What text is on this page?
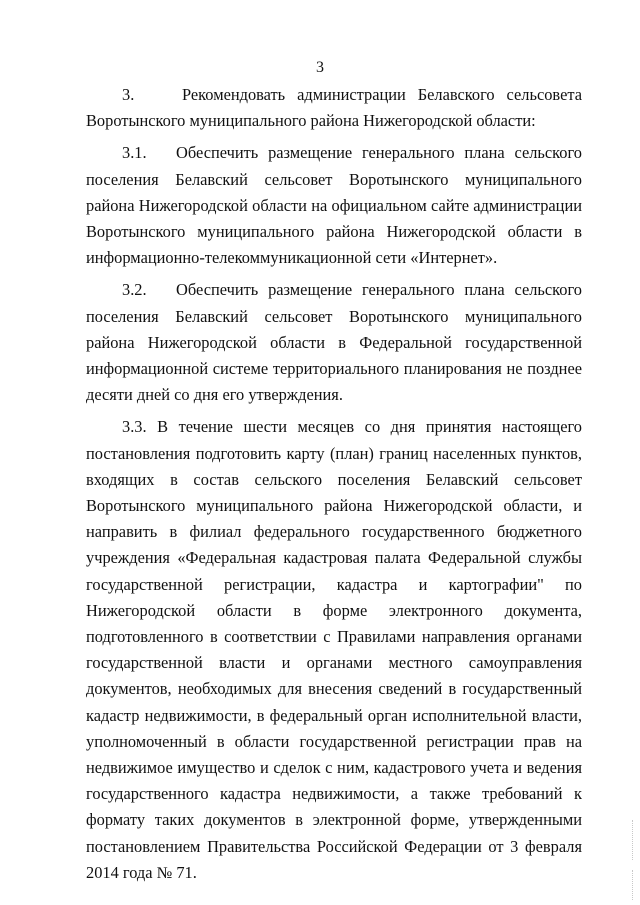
3

3.    Рекомендовать администрации Белавского сельсовета Воротынского муниципального района Нижегородской области:

3.1.   Обеспечить размещение генерального плана сельского поселения Белавский сельсовет Воротынского муниципального района Нижегородской области на официальном сайте администрации Воротынского муниципального района Нижегородской области в информационно-телекоммуникационной сети «Интернет».

3.2.   Обеспечить размещение генерального плана сельского поселения Белавский сельсовет Воротынского муниципального района Нижегородской области в Федеральной государственной информационной системе территориального планирования не позднее десяти дней со дня его утверждения.

3.3. В течение шести месяцев со дня принятия настоящего постановления подготовить карту (план) границ населенных пунктов, входящих в состав сельского поселения Белавский сельсовет Воротынского муниципального района Нижегородской области, и направить в филиал федерального государственного бюджетного учреждения «Федеральная кадастровая палата Федеральной службы государственной регистрации, кадастра и картографии" по Нижегородской области в форме электронного документа, подготовленного в соответствии с Правилами направления органами государственной власти и органами местного самоуправления документов, необходимых для внесения сведений в государственный кадастр недвижимости, в федеральный орган исполнительной власти, уполномоченный в области государственной регистрации прав на недвижимое имущество и сделок с ним, кадастрового учета и ведения государственного кадастра недвижимости, а также требований к формату таких документов в электронной форме, утвержденными постановлением Правительства Российской Федерации от 3 февраля 2014 года № 71.
